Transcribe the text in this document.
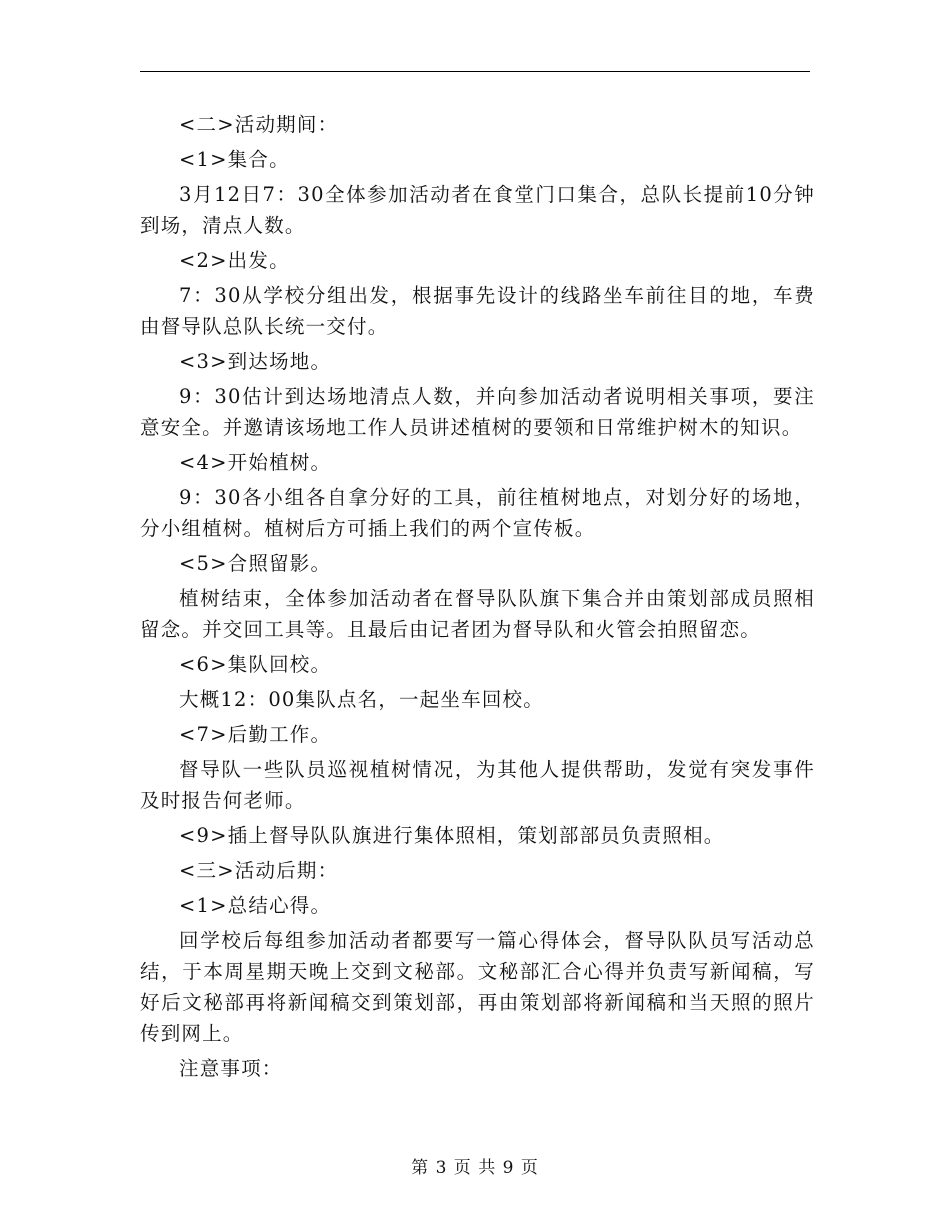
<二>活动期间：

<1>集合。

3月12日7：30全体参加活动者在食堂门口集合，总队长提前10分钟到场，清点人数。

<2>出发。

7：30从学校分组出发，根据事先设计的线路坐车前往目的地，车费由督导队总队长统一交付。

<3>到达场地。

9：30估计到达场地清点人数，并向参加活动者说明相关事项，要注意安全。并邀请该场地工作人员讲述植树的要领和日常维护树木的知识。

<4>开始植树。

9：30各小组各自拿分好的工具，前往植树地点，对划分好的场地，分小组植树。植树后方可插上我们的两个宣传板。

<5>合照留影。

植树结束，全体参加活动者在督导队队旗下集合并由策划部成员照相留念。并交回工具等。且最后由记者团为督导队和火管会拍照留恋。

<6>集队回校。

大概12：00集队点名，一起坐车回校。

<7>后勤工作。

督导队一些队员巡视植树情况，为其他人提供帮助，发觉有突发事件及时报告何老师。

<9>插上督导队队旗进行集体照相，策划部部员负责照相。

<三>活动后期：

<1>总结心得。

回学校后每组参加活动者都要写一篇心得体会，督导队队员写活动总结，于本周星期天晚上交到文秘部。文秘部汇合心得并负责写新闻稿，写好后文秘部再将新闻稿交到策划部，再由策划部将新闻稿和当天照的照片传到网上。

注意事项：

第 3 页 共 9 页
